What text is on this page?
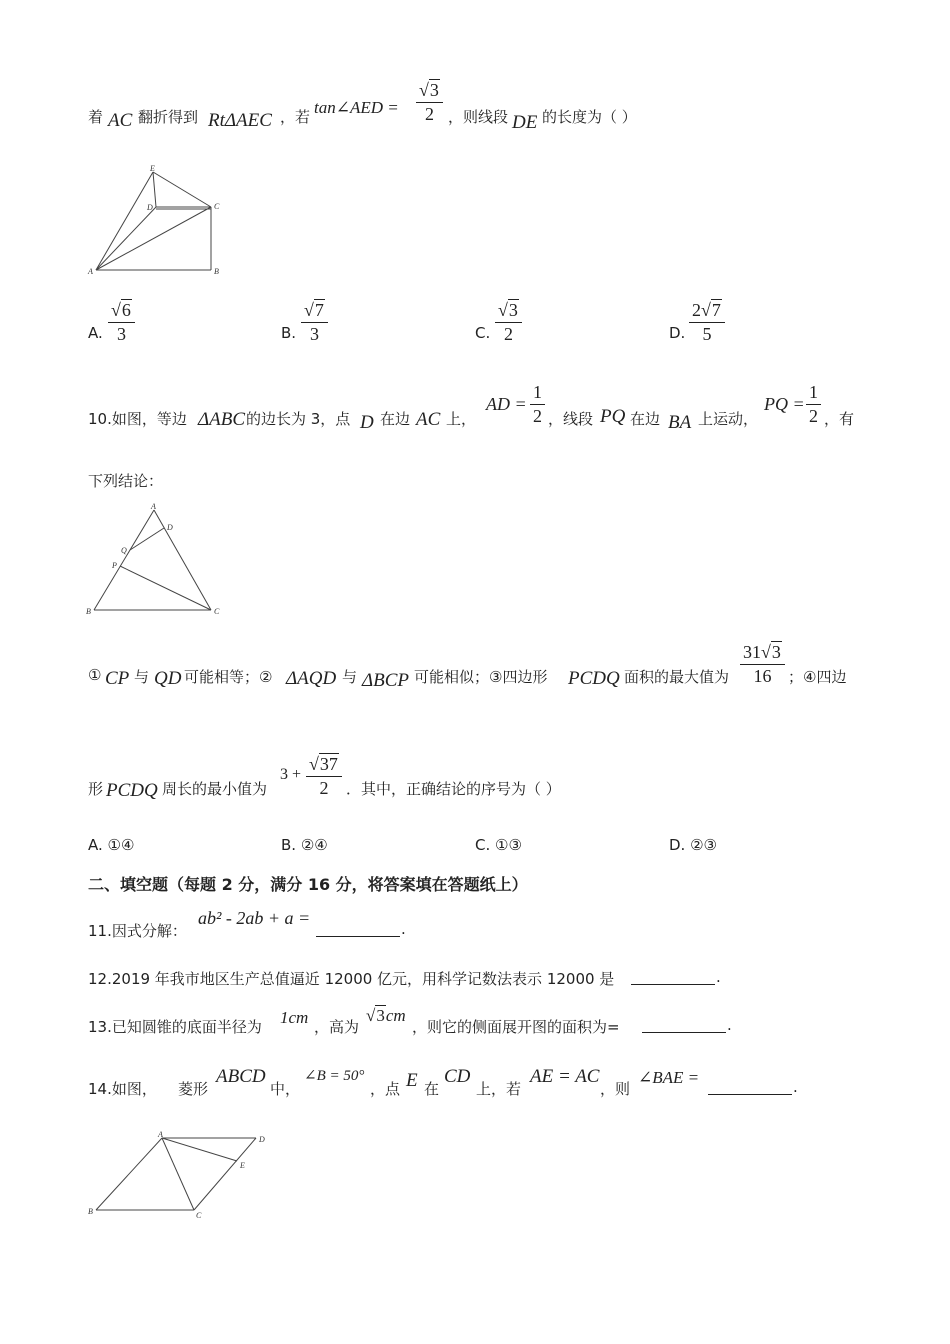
着 AC 翻折得到 RtΔAEC ，若 tan∠AED = $\frac{√3}{2}$ ，则线段 DE 的长度为（ ）
E
D	C
A	B
A. $\frac{√6}{3}$	B. $\frac{√7}{3}$	C. $\frac{√3}{2}$	D. $\frac{2√7}{5}$
10.如图，等边 ΔABC 的边长为 3，点 D 在边 AC 上，
AD = $\frac{1}{2}$ ，线段 PQ 在边 BA 上运动，
PQ = $\frac{1}{2}$ ，有
下列结论：
A
D
Q
P
B	C
① CP 与 QD 可能相等；② ΔAQD 与 ΔBCP 可能相似；③四边形 PCDQ 面积的最大值为 $\frac{31√3}{16}$ ；④四边
形 PCDQ 周长的最小值为
$3 + \frac{√37}{2}$ ．其中，正确结论的序号为（ ）
A. ①④	B. ②④	C. ①③	D. ②③
二、填空题（每题 2 分，满分 16 分，将答案填在答题纸上）
11.因式分解：
ab² - 2ab + a =
.
12.2019 年我市地区生产总值逼近 12000 亿元，用科学记数法表示 12000 是	.
13.已知圆锥的底面半径为 1cm ，高为
√3cm
，则它的侧面展开图的面积为=	.
14.如图， 菱形
ABCD
中，
∠B = 50°
，点 E 在
CD
上，若
AE = AC
，则
∠BAE =	.
A
D
E
B	C
